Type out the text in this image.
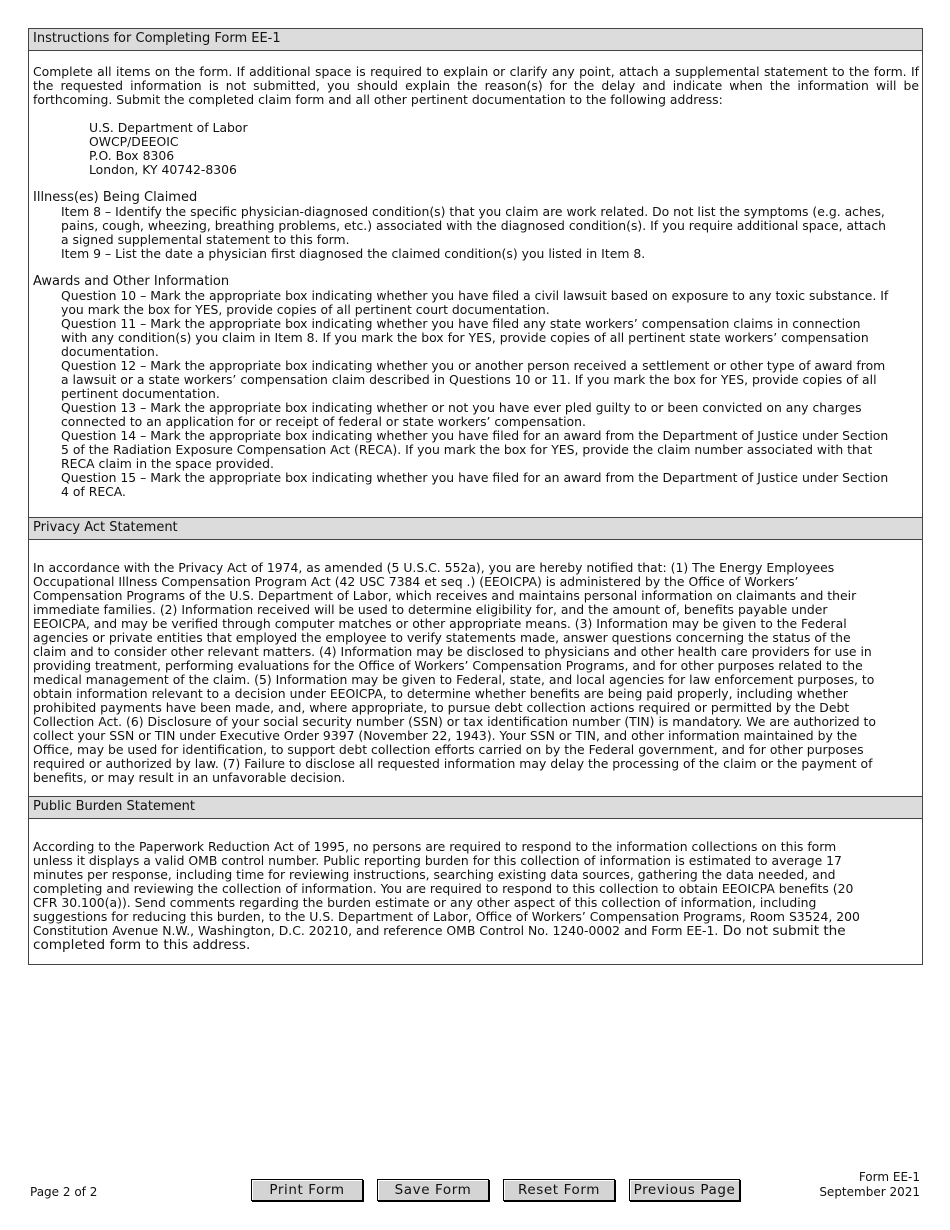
Instructions for Completing Form EE-1

Complete all items on the form. If additional space is required to explain or clarify any point, attach a supplemental statement to the form. If the requested information is not submitted, you should explain the reason(s) for the delay and indicate when the information will be forthcoming. Submit the completed claim form and all other pertinent documentation to the following address:

U.S. Department of Labor
OWCP/DEEOIC
P.O. Box 8306
London, KY 40742-8306
Illness(es) Being Claimed

Item 8 – Identify the specific physician-diagnosed condition(s) that you claim are work related. Do not list the symptoms (e.g. aches, pains, cough, wheezing, breathing problems, etc.) associated with the diagnosed condition(s). If you require additional space, attach a signed supplemental statement to this form.

Item 9 – List the date a physician first diagnosed the claimed condition(s) you listed in Item 8.

Awards and Other Information

Question 10 – Mark the appropriate box indicating whether you have filed a civil lawsuit based on exposure to any toxic substance. If you mark the box for YES, provide copies of all pertinent court documentation.

Question 11 – Mark the appropriate box indicating whether you have filed any state workers’ compensation claims in connection with any condition(s) you claim in Item 8. If you mark the box for YES, provide copies of all pertinent state workers’ compensation documentation.

Question 12 – Mark the appropriate box indicating whether you or another person received a settlement or other type of award from a lawsuit or a state workers’ compensation claim described in Questions 10 or 11. If you mark the box for YES, provide copies of all pertinent documentation.

Question 13 – Mark the appropriate box indicating whether or not you have ever pled guilty to or been convicted on any charges connected to an application for or receipt of federal or state workers’ compensation.

Question 14 – Mark the appropriate box indicating whether you have filed for an award from the Department of Justice under Section 5 of the Radiation Exposure Compensation Act (RECA). If you mark the box for YES, provide the claim number associated with that RECA claim in the space provided.

Question 15 – Mark the appropriate box indicating whether you have filed for an award from the Department of Justice under Section 4 of RECA.

Privacy Act Statement

In accordance with the Privacy Act of 1974, as amended (5 U.S.C. 552a), you are hereby notified that: (1) The Energy Employees Occupational Illness Compensation Program Act (42 USC 7384 et seq .) (EEOICPA) is administered by the Office of Workers’ Compensation Programs of the U.S. Department of Labor, which receives and maintains personal information on claimants and their immediate families. (2) Information received will be used to determine eligibility for, and the amount of, benefits payable under EEOICPA, and may be verified through computer matches or other appropriate means. (3) Information may be given to the Federal agencies or private entities that employed the employee to verify statements made, answer questions concerning the status of the claim and to consider other relevant matters. (4) Information may be disclosed to physicians and other health care providers for use in providing treatment, performing evaluations for the Office of Workers’ Compensation Programs, and for other purposes related to the medical management of the claim. (5) Information may be given to Federal, state, and local agencies for law enforcement purposes, to obtain information relevant to a decision under EEOICPA, to determine whether benefits are being paid properly, including whether prohibited payments have been made, and, where appropriate, to pursue debt collection actions required or permitted by the Debt Collection Act. (6) Disclosure of your social security number (SSN) or tax identification number (TIN) is mandatory. We are authorized to collect your SSN or TIN under Executive Order 9397 (November 22, 1943). Your SSN or TIN, and other information maintained by the Office, may be used for identification, to support debt collection efforts carried on by the Federal government, and for other purposes required or authorized by law. (7) Failure to disclose all requested information may delay the processing of the claim or the payment of benefits, or may result in an unfavorable decision.

Public Burden Statement

According to the Paperwork Reduction Act of 1995, no persons are required to respond to the information collections on this form unless it displays a valid OMB control number. Public reporting burden for this collection of information is estimated to average 17 minutes per response, including time for reviewing instructions, searching existing data sources, gathering the data needed, and completing and reviewing the collection of information. You are required to respond to this collection to obtain EEOICPA benefits (20 CFR 30.100(a)). Send comments regarding the burden estimate or any other aspect of this collection of information, including suggestions for reducing this burden, to the U.S. Department of Labor, Office of Workers’ Compensation Programs, Room S3524, 200 Constitution Avenue N.W., Washington, D.C. 20210, and reference OMB Control No. 1240-0002 and Form EE-1. Do not submit the completed form to this address.

Page 2 of 2	Print Form	Save Form	Reset Form	Previous Page
Form EE-1
September 2021
